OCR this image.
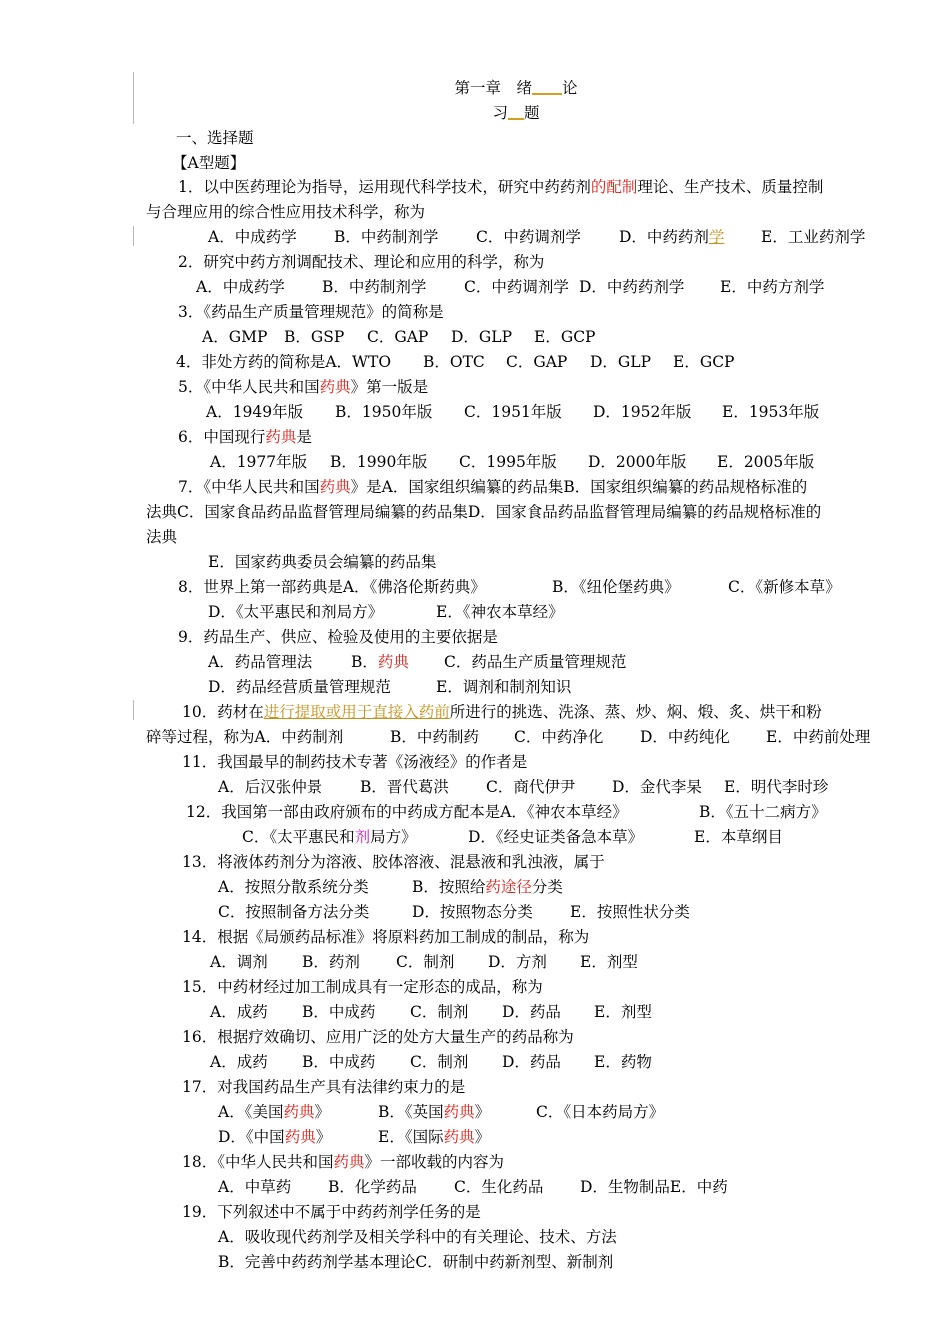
第一章　绪 论
习 题
一、选择题
【A型题】
1．以中医药理论为指导，运用现代科学技术，研究中药药剂的配制理论、生产技术、质量控制
与合理应用的综合性应用技术科学，称为
A．中成药学 B．中药制剂学 C．中药调剂学 D．中药药剂学 E．工业药剂学
2．研究中药方剂调配技术、理论和应用的科学，称为
A．中成药学 B．中药制剂学 C．中药调剂学 D．中药药剂学 E．中药方剂学
3．《药品生产质量管理规范》的简称是
A．GMP B．GSP C．GAP D．GLP E．GCP
4．非处方药的简称是A．WTO B．OTC C．GAP D．GLP E．GCP
5．《中华人民共和国药典》第一版是
A．1949年版 B．1950年版 C．1951年版 D．1952年版 E．1953年版
6．中国现行药典是
A．1977年版 B．1990年版 C．1995年版 D．2000年版 E．2005年版
7．《中华人民共和国药典》是A．国家组织编纂的药品集B．国家组织编纂的药品规格标准的
法典C．国家食品药品监督管理局编纂的药品集D．国家食品药品监督管理局编纂的药品规格标准的
法典
E．国家药典委员会编纂的药品集
8．世界上第一部药典是A．《佛洛伦斯药典》	B．《纽伦堡药典》	C．《新修本草》
D．《太平惠民和剂局方》	E．《神农本草经》
9．药品生产、供应、检验及使用的主要依据是
A．药品管理法	B．药典 C．药品生产质量管理规范
D．药品经营质量管理规范	E．调剂和制剂知识
10．药材在进行提取或用于直接入药前所进行的挑选、洗涤、蒸、炒、焖、煅、炙、烘干和粉
碎等过程，称为A．中药制剂	B．中药制药 C．中药净化 D．中药纯化 E．中药前处理
11．我国最早的制药技术专著《汤液经》的作者是
A．后汉张仲景 B．晋代葛洪 C．商代伊尹 D．金代李杲 E．明代李时珍
12．我国第一部由政府颁布的中药成方配本是A．《神农本草经》	B．《五十二病方》
C．《太平惠民和剂局方》	D．《经史证类备急本草》	E．本草纲目
13．将液体药剂分为溶液、胶体溶液、混悬液和乳浊液，属于
A．按照分散系统分类	B．按照给药途径分类
C．按照制备方法分类	D．按照物态分类 E．按照性状分类
14．根据《局颁药品标准》将原料药加工制成的制品，称为
A．调剂 B．药剂 C．制剂 D．方剂 E．剂型
15．中药材经过加工制成具有一定形态的成品，称为
A．成药 B．中成药 C．制剂 D．药品 E．剂型
16．根据疗效确切、应用广泛的处方大量生产的药品称为
A．成药 B．中成药 C．制剂 D．药品 E．药物
17．对我国药品生产具有法律约束力的是
A．《美国药典》	B．《英国药典》	C．《日本药局方》
D．《中国药典》	E．《国际药典》
18．《中华人民共和国药典》一部收载的内容为
A．中草药 B．化学药品 C．生化药品 D．生物制品E．中药
19．下列叙述中不属于中药药剂学任务的是
A．吸收现代药剂学及相关学科中的有关理论、技术、方法
B．完善中药药剂学基本理论C．研制中药新剂型、新制剂
